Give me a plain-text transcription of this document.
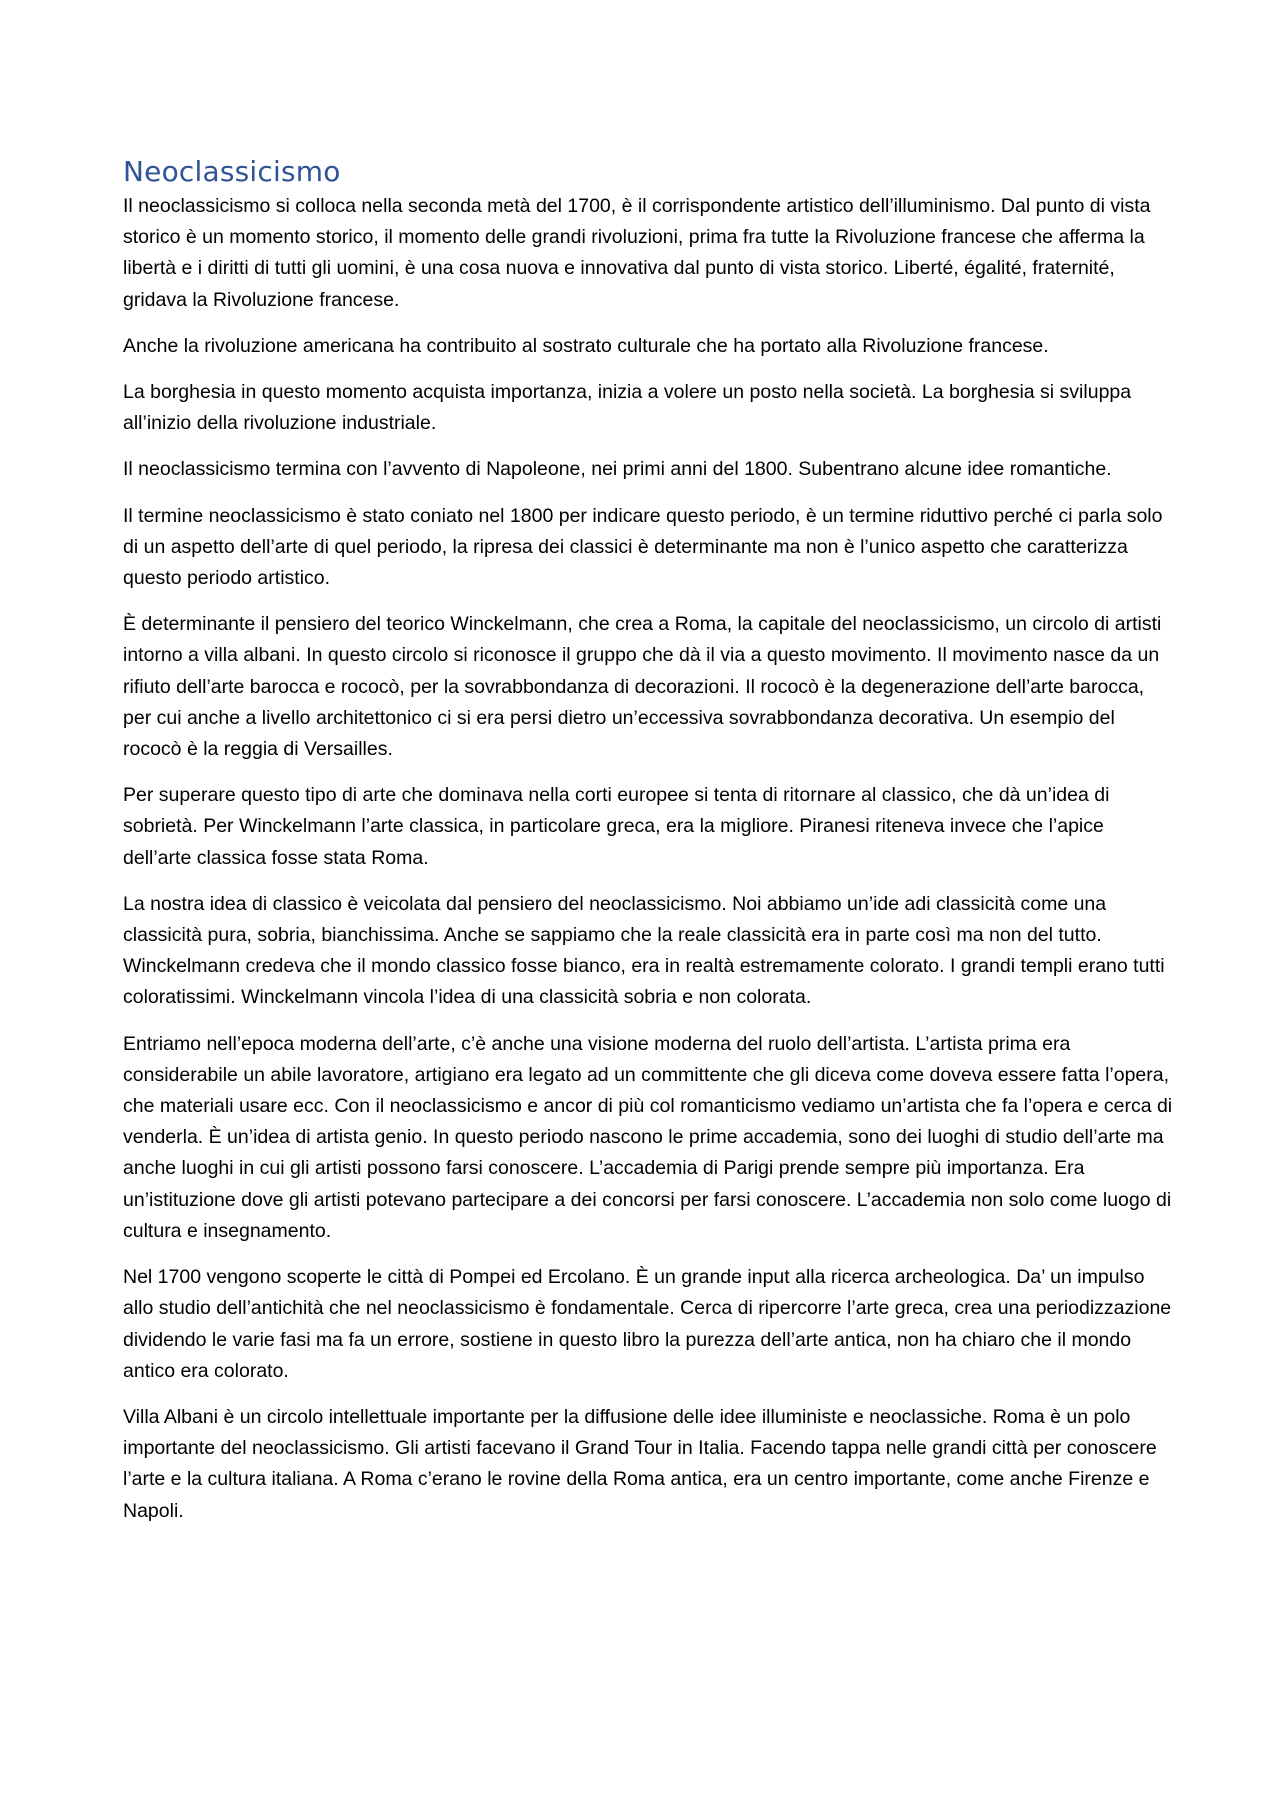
Neoclassicismo

Il neoclassicismo si colloca nella seconda metà del 1700, è il corrispondente artistico dell’illuminismo. Dal punto di vista storico è un momento storico, il momento delle grandi rivoluzioni, prima fra tutte la Rivoluzione francese che afferma la libertà e i diritti di tutti gli uomini, è una cosa nuova e innovativa dal punto di vista storico. Liberté, égalité, fraternité, gridava la Rivoluzione francese.

Anche la rivoluzione americana ha contribuito al sostrato culturale che ha portato alla Rivoluzione francese.

La borghesia in questo momento acquista importanza, inizia a volere un posto nella società. La borghesia si sviluppa all’inizio della rivoluzione industriale.

Il neoclassicismo termina con l’avvento di Napoleone, nei primi anni del 1800. Subentrano alcune idee romantiche.

Il termine neoclassicismo è stato coniato nel 1800 per indicare questo periodo, è un termine riduttivo perché ci parla solo di un aspetto dell’arte di quel periodo, la ripresa dei classici è determinante ma non è l’unico aspetto che caratterizza questo periodo artistico.

È determinante il pensiero del teorico Winckelmann, che crea a Roma, la capitale del neoclassicismo, un circolo di artisti intorno a villa albani. In questo circolo si riconosce il gruppo che dà il via a questo movimento. Il movimento nasce da un rifiuto dell’arte barocca e rococò, per la sovrabbondanza di decorazioni. Il rococò è la degenerazione dell’arte barocca, per cui anche a livello architettonico ci si era persi dietro un’eccessiva sovrabbondanza decorativa. Un esempio del rococò è la reggia di Versailles.

Per superare questo tipo di arte che dominava nella corti europee si tenta di ritornare al classico, che dà un’idea di sobrietà. Per Winckelmann l’arte classica, in particolare greca, era la migliore. Piranesi riteneva invece che l’apice dell’arte classica fosse stata Roma.

La nostra idea di classico è veicolata dal pensiero del neoclassicismo. Noi abbiamo un’ide adi classicità come una classicità pura, sobria, bianchissima. Anche se sappiamo che la reale classicità era in parte così ma non del tutto. Winckelmann credeva che il mondo classico fosse bianco, era in realtà estremamente colorato. I grandi templi erano tutti coloratissimi. Winckelmann vincola l’idea di una classicità sobria e non colorata.

Entriamo nell’epoca moderna dell’arte, c’è anche una visione moderna del ruolo dell’artista. L’artista prima era considerabile un abile lavoratore, artigiano era legato ad un committente che gli diceva come doveva essere fatta l’opera, che materiali usare ecc. Con il neoclassicismo e ancor di più col romanticismo vediamo un’artista che fa l’opera e cerca di venderla. È un’idea di artista genio. In questo periodo nascono le prime accademia, sono dei luoghi di studio dell’arte ma anche luoghi in cui gli artisti possono farsi conoscere. L’accademia di Parigi prende sempre più importanza. Era un’istituzione dove gli artisti potevano partecipare a dei concorsi per farsi conoscere. L’accademia non solo come luogo di cultura e insegnamento.

Nel 1700 vengono scoperte le città di Pompei ed Ercolano. È un grande input alla ricerca archeologica. Da’ un impulso allo studio dell’antichità che nel neoclassicismo è fondamentale. Cerca di ripercorre l’arte greca, crea una periodizzazione dividendo le varie fasi ma fa un errore, sostiene in questo libro la purezza dell’arte antica, non ha chiaro che il mondo antico era colorato.

Villa Albani è un circolo intellettuale importante per la diffusione delle idee illuministe e neoclassiche. Roma è un polo importante del neoclassicismo. Gli artisti facevano il Grand Tour in Italia. Facendo tappa nelle grandi città per conoscere l’arte e la cultura italiana. A Roma c’erano le rovine della Roma antica, era un centro importante, come anche Firenze e Napoli.
